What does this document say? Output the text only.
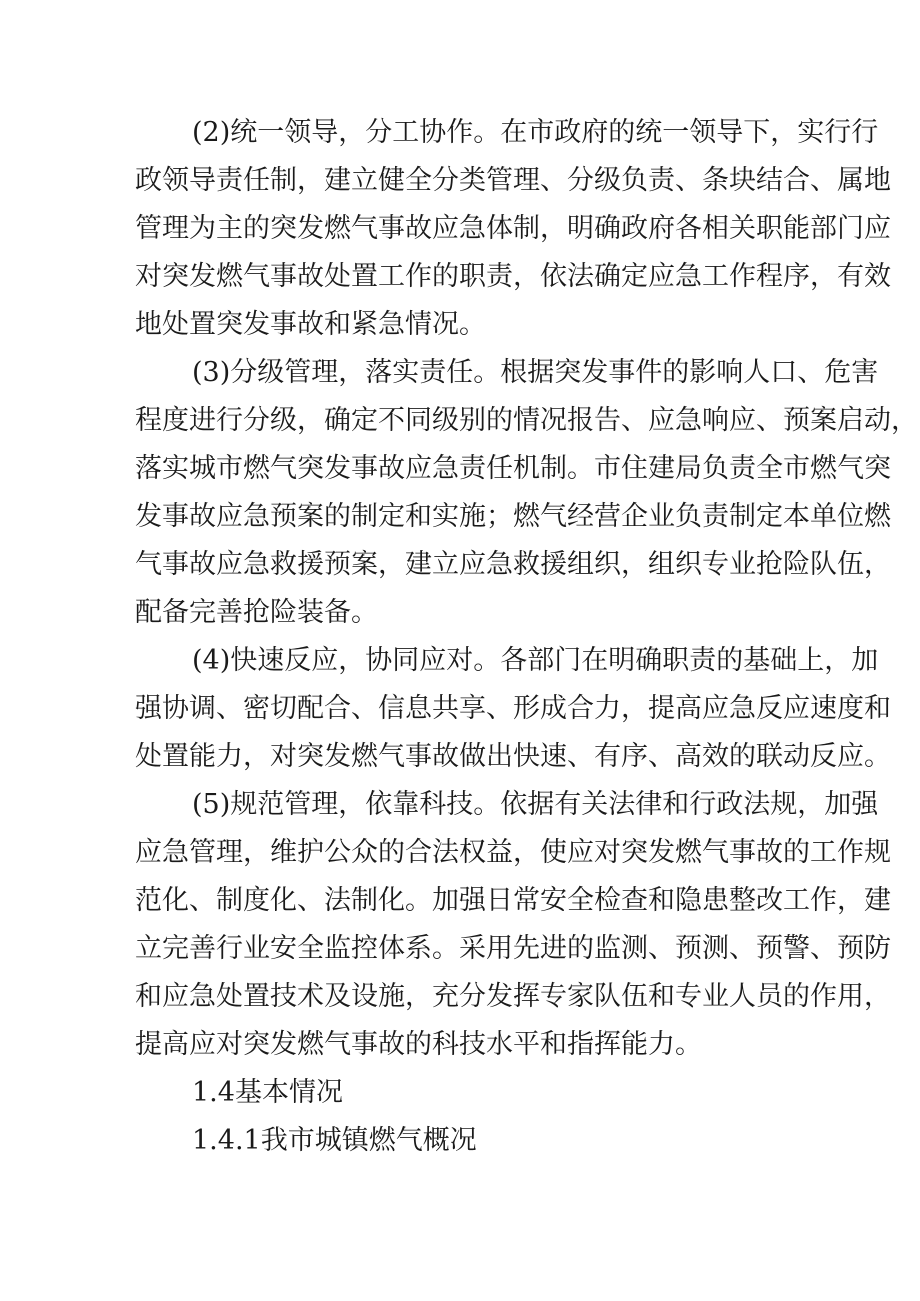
(2)统一领导，分工协作。在市政府的统一领导下，实行行
政领导责任制，建立健全分类管理、分级负责、条块结合、属地
管理为主的突发燃气事故应急体制，明确政府各相关职能部门应
对突发燃气事故处置工作的职责，依法确定应急工作程序，有效
地处置突发事故和紧急情况。
(3)分级管理，落实责任。根据突发事件的影响人口、危害
程度进行分级，确定不同级别的情况报告、应急响应、预案启动，
落实城市燃气突发事故应急责任机制。市住建局负责全市燃气突
发事故应急预案的制定和实施；燃气经营企业负责制定本单位燃
气事故应急救援预案，建立应急救援组织，组织专业抢险队伍，
配备完善抢险装备。
(4)快速反应，协同应对。各部门在明确职责的基础上，加
强协调、密切配合、信息共享、形成合力，提高应急反应速度和
处置能力，对突发燃气事故做出快速、有序、高效的联动反应。
(5)规范管理，依靠科技。依据有关法律和行政法规，加强
应急管理，维护公众的合法权益，使应对突发燃气事故的工作规
范化、制度化、法制化。加强日常安全检查和隐患整改工作，建
立完善行业安全监控体系。采用先进的监测、预测、预警、预防
和应急处置技术及设施，充分发挥专家队伍和专业人员的作用，
提高应对突发燃气事故的科技水平和指挥能力。
1.4基本情况
1.4.1我市城镇燃气概况
